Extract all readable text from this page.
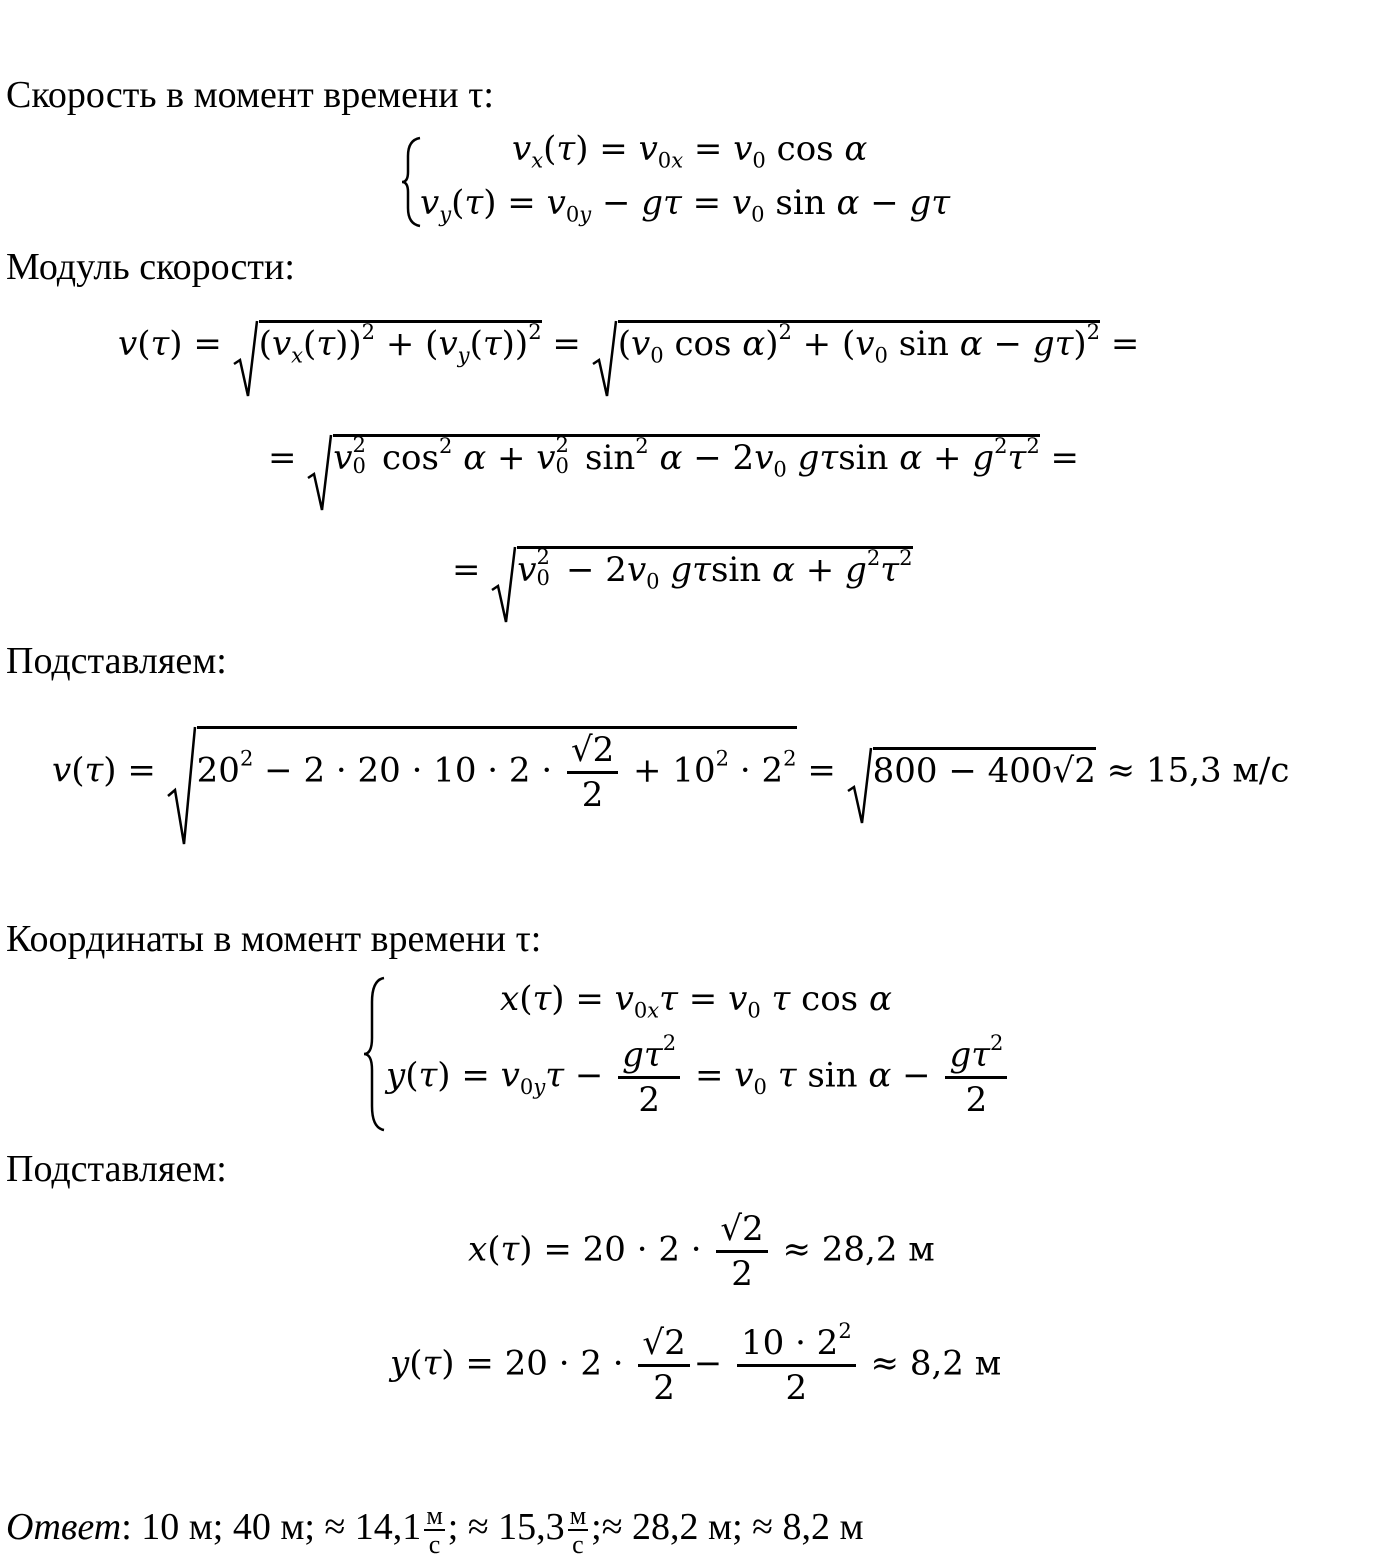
Скорость в момент времени τ:
$v_x(\tau) = v_{0x} = v_0$ cos α
$v_y(\tau) = v_{0y} - g\tau = v_0$ sin α − gτ
Модуль скорости:
v(τ) =
$(v_x(\tau))^2 + (v_y(\tau))^2$ =
($v_0$ $\cos \alpha)^2 + (v_0$ sin α − gτ)$^2$ =
=
v 2
0 $\cos^2 \alpha + v$ 2
0 $\sin^2 \alpha - 2v_0$ gτsin $\alpha + g^2\tau^2$ =
=
v 2
$0 - 2v_0$ gτsin $\alpha + g^2\tau^2$
Подставляем:
v(τ) =
$20^2 - 2 \cdot 20 \cdot 10 \cdot 2 \cdot \frac{√2}{2} + 10^2 \cdot 2^2$ =
800 − 400√2 ≈ 15,3 м/с
Координаты в момент времени τ:
$x(\tau) = v_{0x}\tau = v_0$ τ cos α
$y(\tau) = v_{0y}\tau - \frac{g\tau^2}{2} = v_0$ τ $\sin \alpha - \frac{g\tau^2}{2}$
Подставляем:
$x(\tau) = 20 \cdot 2 \cdot \frac{√2}{2} \approx 28,2$ м
$y(\tau) = 20 \cdot 2 \cdot \frac{√2}{2} - \frac{10 \cdot 2^2}{2} \approx 8,2$ м
Ответ: 10 м; 40 м; ≈ $14,1 \frac{м}{с}$ ; ≈ $15,3 \frac{м}{с}$ ;≈ 28,2 м; ≈ 8,2 м
